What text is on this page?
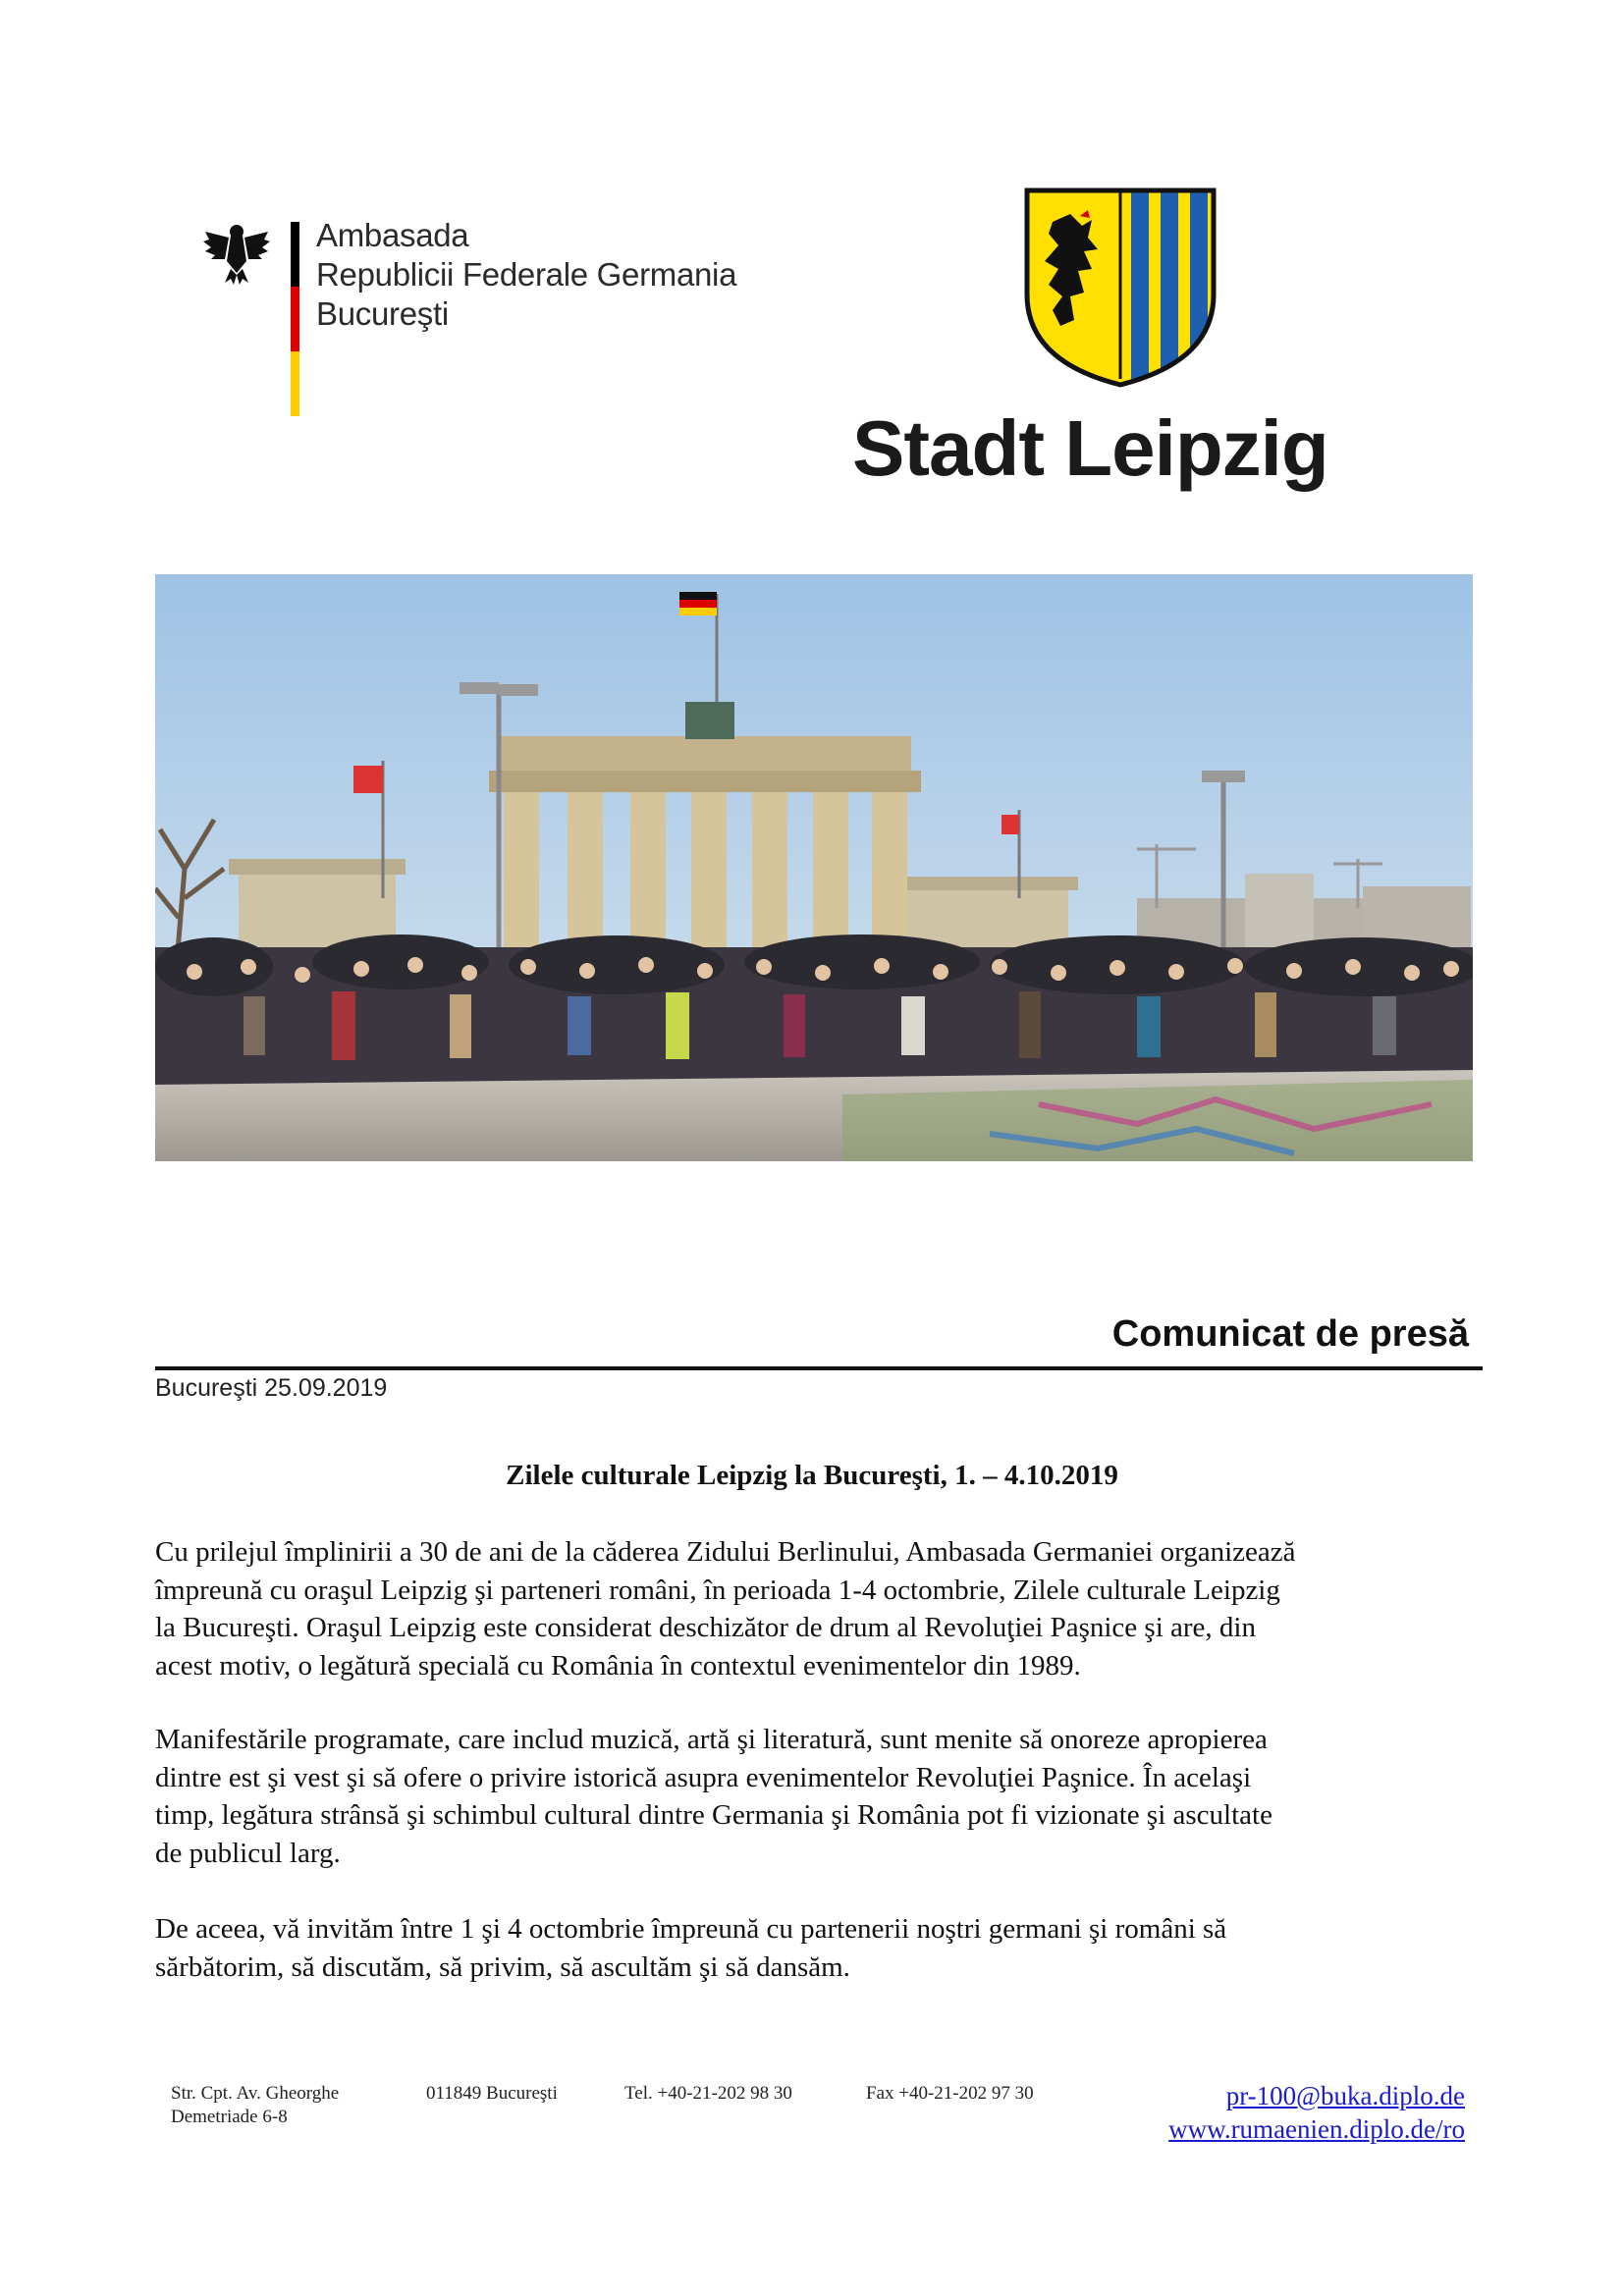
Ambasada
Republicii Federale Germania
Bucureşti
Stadt Leipzig
Comunicat de presă
Bucureşti 25.09.2019
Zilele culturale Leipzig la Bucureşti, 1. – 4.10.2019
Cu prilejul împlinirii a 30 de ani de la căderea Zidului Berlinului, Ambasada Germaniei organizează
împreună cu oraşul Leipzig şi parteneri români, în perioada 1-4 octombrie, Zilele culturale Leipzig
la Bucureşti. Oraşul Leipzig este considerat deschizător de drum al Revoluţiei Paşnice şi are, din
acest motiv, o legătură specială cu România în contextul evenimentelor din 1989.
Manifestările programate, care includ muzică, artă şi literatură, sunt menite să onoreze apropierea
dintre est şi vest şi să ofere o privire istorică asupra evenimentelor Revoluţiei Paşnice. În acelaşi
timp, legătura strânsă şi schimbul cultural dintre Germania şi România pot fi vizionate şi ascultate
de publicul larg.
De aceea, vă invităm între 1 şi 4 octombrie împreună cu partenerii noştri germani şi români să
sărbătorim, să discutăm, să privim, să ascultăm şi să dansăm.
Str. Cpt. Av. Gheorghe
Demetriade 6-8
011849 Bucureşti	Tel. +40-21-202 98 30	Fax +40-21-202 97 30	pr-100@buka.diplo.de
www.rumaenien.diplo.de/ro
